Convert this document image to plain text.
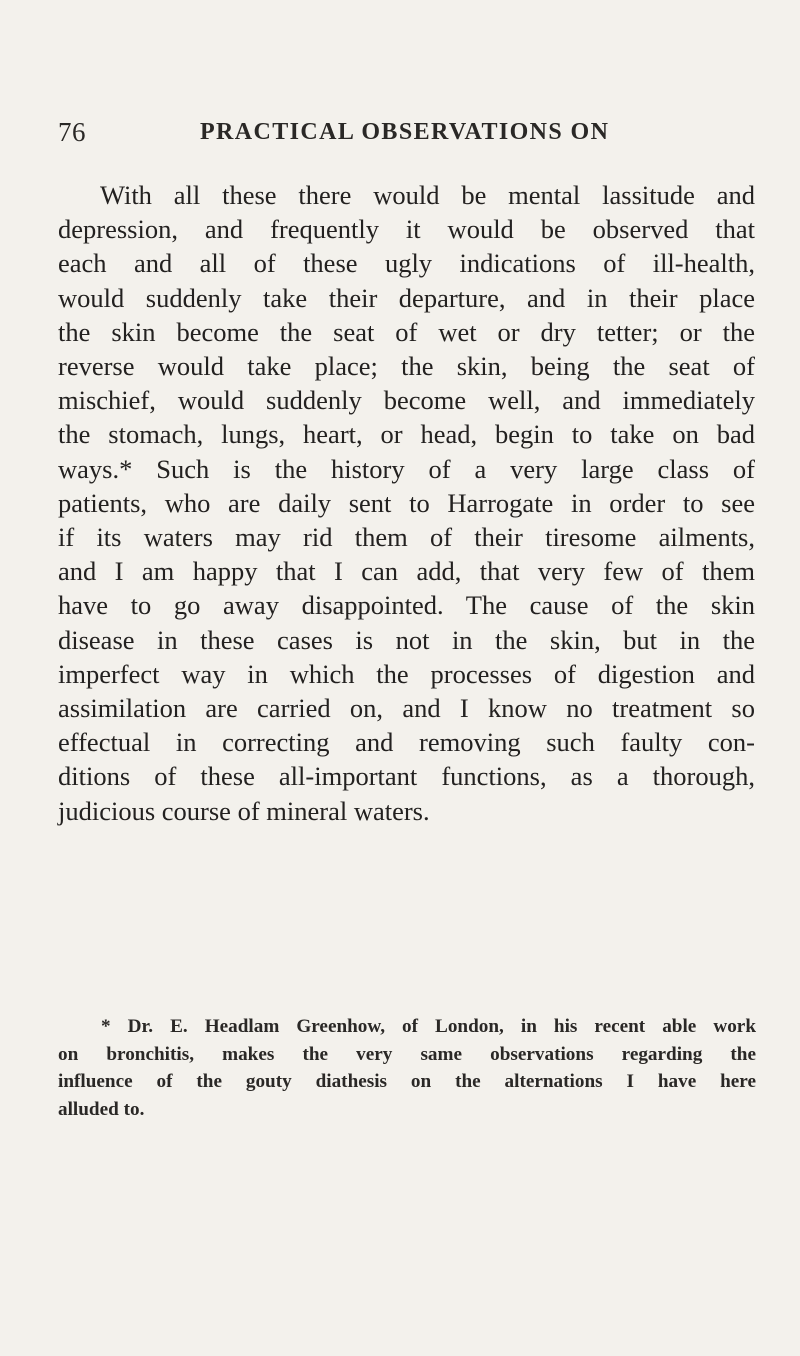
76	PRACTICAL OBSERVATIONS ON
With all these there would be mental lassitude and
depression, and frequently it would be observed that
each and all of these ugly indications of ill-health,
would suddenly take their departure, and in their place
the skin become the seat of wet or dry tetter; or the
reverse would take place; the skin, being the seat of
mischief, would suddenly become well, and immediately
the stomach, lungs, heart, or head, begin to take on bad
ways.* Such is the history of a very large class of
patients, who are daily sent to Harrogate in order to see
if its waters may rid them of their tiresome ailments,
and I am happy that I can add, that very few of them
have to go away disappointed. The cause of the skin
disease in these cases is not in the skin, but in the
imperfect way in which the processes of digestion and
assimilation are carried on, and I know no treatment so
effectual in correcting and removing such faulty con-
ditions of these all-important functions, as a thorough,
judicious course of mineral waters.
* Dr. E. Headlam Greenhow, of London, in his recent able work
on bronchitis, makes the very same observations regarding the
influence of the gouty diathesis on the alternations I have here
alluded to.
